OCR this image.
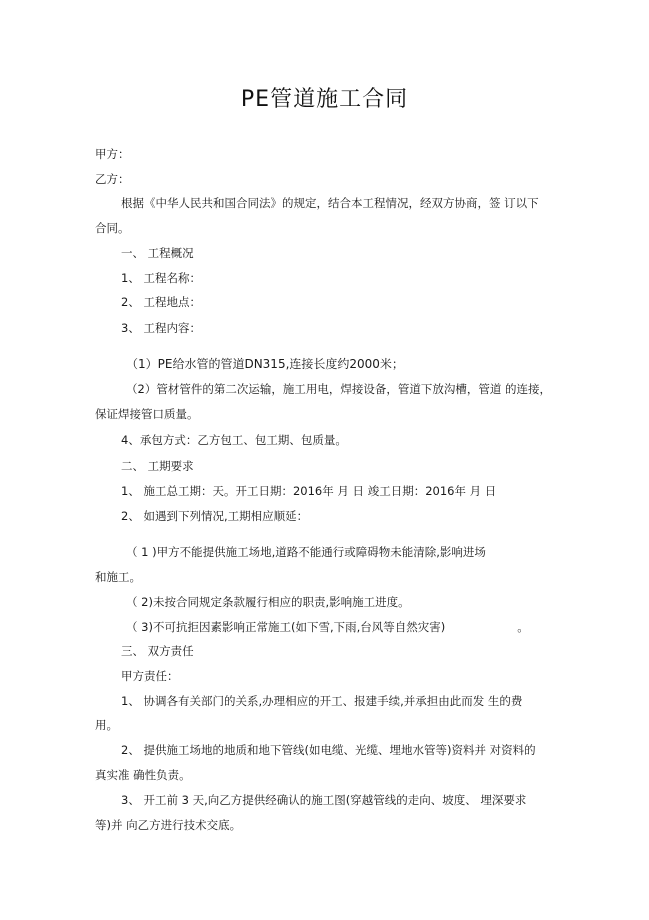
PE管道施工合同
甲方：
乙方：
根据《中华人民共和国合同法》的规定，结合本工程情况，经双方协商，签 订以下
合同。
一、 工程概况
1、 工程名称：
2、 工程地点：
3、 工程内容：
（1）PE给水管的管道DN315,连接长度约2000米；
（2）管材管件的第二次运输，施工用电，焊接设备，管道下放沟槽，管道 的连接，
保证焊接管口质量。
4、承包方式：乙方包工、包工期、包质量。
二、 工期要求
1、 施工总工期：天。开工日期：2016年 月 日 竣工日期：2016年 月 日
2、 如遇到下列情况,工期相应顺延：
（ 1 )甲方不能提供施工场地,道路不能通行或障碍物未能清除,影响进场
和施工。
（ 2)未按合同规定条款履行相应的职责,影响施工进度。
（ 3)不可抗拒因素影响正常施工(如下雪,下雨,台风等自然灾害)	。
三、 双方责任
甲方责任：
1、 协调各有关部门的关系,办理相应的开工、报建手续,并承担由此而发 生的费
用。
2、 提供施工场地的地质和地下管线(如电缆、光缆、埋地水管等)资料并 对资料的
真实准 确性负责。
3、 开工前 3 天,向乙方提供经确认的施工图(穿越管线的走向、坡度、 埋深要求
等)并 向乙方进行技术交底。
